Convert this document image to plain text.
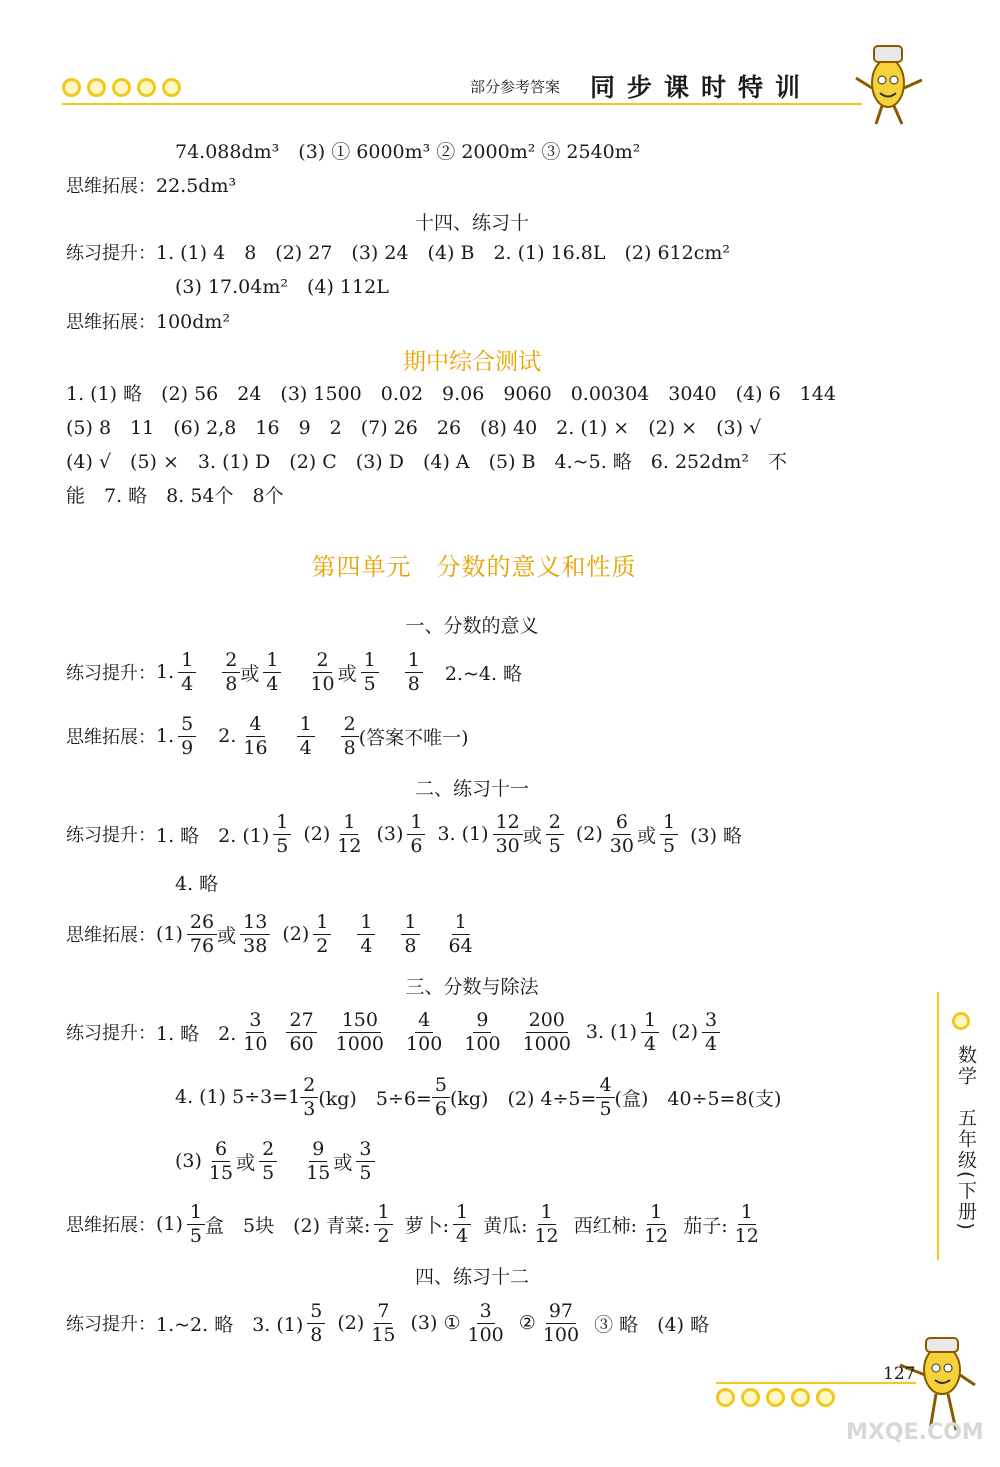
部分参考答案 同步课时特训
74.088dm³　(3) ① 6000m³ ② 2000m² ③ 2540m²
思维拓展：22.5dm³
十四、练习十
练习提升：1. (1) 4　8　(2) 27　(3) 24　(4) B　2. (1) 16.8L　(2) 612cm²
(3) 17.04m²　(4) 112L
思维拓展：100dm²
期中综合测试
1. (1) 略　(2) 56　24　(3) 1500　0.02　9.06　9060　0.00304　3040　(4) 6　144
(5) 8　11　(6) 2,8　16　9　2　(7) 26　26　(8) 40　2. (1) ×　(2) ×　(3) √
(4) √　(5) ×　3. (1) D　(2) C　(3) D　(4) A　(5) B　4.~5. 略　6. 252dm²　不
能　7. 略　8. 54个　8个
第四单元　分数的意义和性质
一、分数的意义
练习提升： 1. $\frac{1}{4} \frac{2}{8}$ 或 $\frac{1}{4} \frac{2}{10}$ 或 $\frac{1}{5} \frac{1}{8}$ 2.~4. 略
思维拓展： 1. $\frac{5}{9} 2$. $\frac{4}{16} \frac{1}{4} \frac{2}{8}$ (答案不唯一)
二、练习十一
练习提升： 1. 略　2. $(1) \frac{1}{5} (2) \frac{1}{12} (3) \frac{1}{6} 3$. $(1) \frac{12}{30}$ 或 $\frac{2}{5} (2) \frac{6}{30}$ 或 $\frac{1}{5} (3)$ 略
4. 略
思维拓展： $(1) \frac{26}{76}$ 或 $\frac{13}{38} (2) \frac{1}{2} \frac{1}{4} \frac{1}{8} \frac{1}{64}$
三、分数与除法
练习提升： 1. 略　2. $\frac{3}{10} \frac{27}{60} \frac{150}{1000} \frac{4}{100} \frac{9}{100} \frac{200}{1000} 3$. $(1) \frac{1}{4} (2) \frac{3}{4}$
4. (1) $5\div 3=1 \frac{2}{3} (kg)$　$5\div 6= \frac{5}{6} (kg)$　(2) $4\div 5= \frac{4}{5}$ (盒)　40÷5=8(支)
$(3) \frac{6}{15}$ 或 $\frac{2}{5} \frac{9}{15}$ 或 $\frac{3}{5}$
思维拓展： $(1) \frac{1}{5}$ 盒　5块　(2) 青菜: $\frac{1}{2}$ 萝卜: $\frac{1}{4}$ 黄瓜: $\frac{1}{12}$ 西红柿: $\frac{1}{12}$ 茄子: $\frac{1}{12}$
四、练习十二
练习提升： 1.~2. 略　3. $(1) \frac{5}{8} (2) \frac{7}{15} (3)$ ① $\frac{3}{100}$ ② $\frac{97}{100}$ ③ 略　(4) 略
数学　五年级(下册)
127
MXQE.COM
